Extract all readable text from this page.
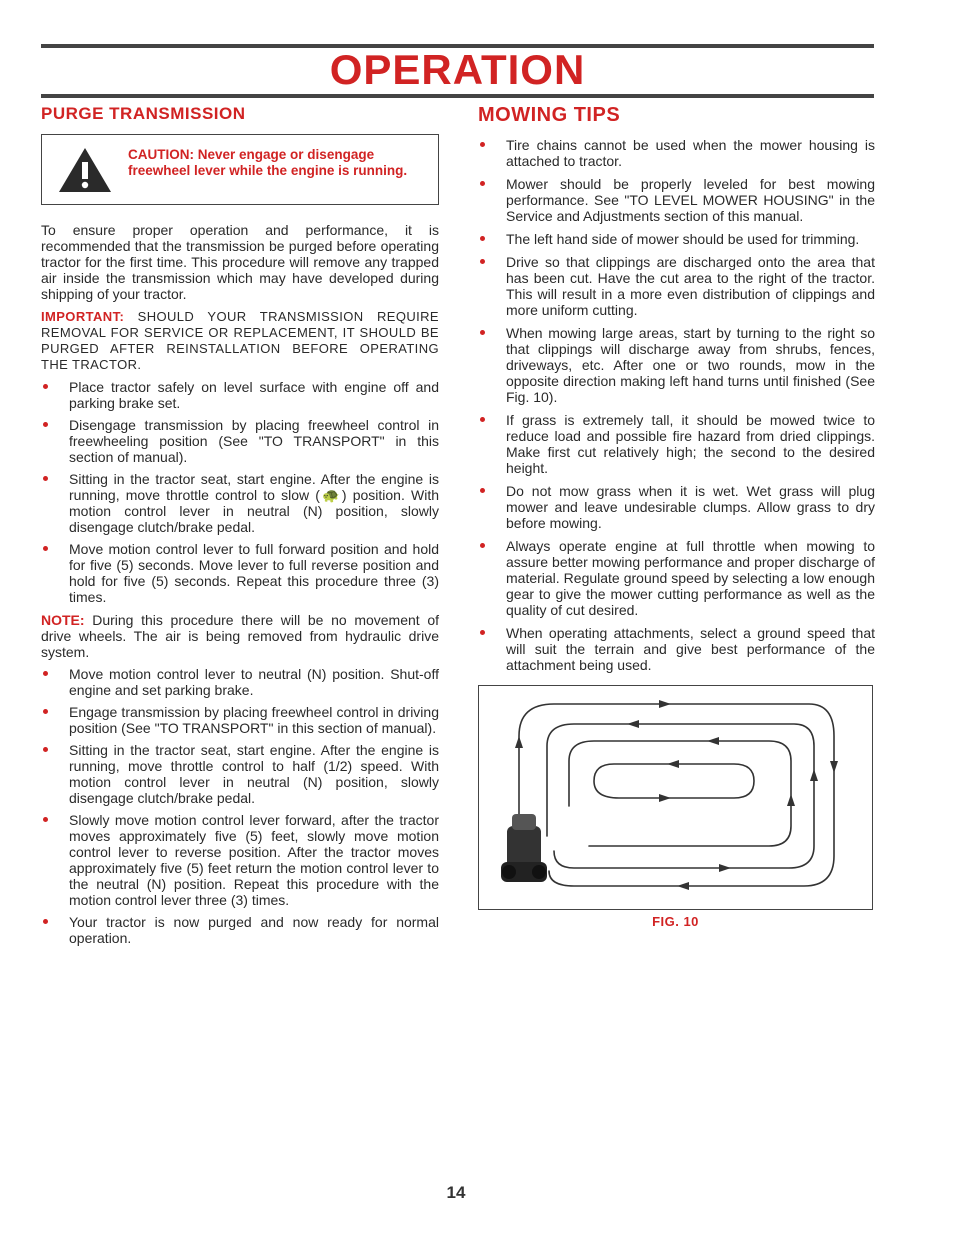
OPERATION
PURGE TRANSMISSION
CAUTION: Never engage or disengage freewheel lever while the engine is running.

To ensure proper operation and performance, it is recommended that the transmission be purged before operating tractor for the first time. This procedure will remove any trapped air inside the transmission which may have developed during shipping of your tractor.

IMPORTANT: SHOULD YOUR TRANSMISSION REQUIRE REMOVAL FOR SERVICE OR REPLACEMENT, IT SHOULD BE PURGED AFTER REINSTALLATION BEFORE OPERATING THE TRACTOR.

Place tractor safely on level surface with engine off and parking brake set.
Disengage transmission by placing freewheel control in freewheeling position (See "TO TRANSPORT" in this section of manual).
Sitting in the tractor seat, start engine. After the engine is running, move throttle control to slow (🐢) position. With motion control lever in neutral (N) position, slowly disengage clutch/brake pedal.
Move motion control lever to full forward position and hold for five (5) seconds. Move lever to full reverse position and hold for five (5) seconds. Repeat this procedure three (3) times.

NOTE: During this procedure there will be no movement of drive wheels. The air is being removed from hydraulic drive system.

Move motion control lever to neutral (N) position. Shut-off engine and set parking brake.
Engage transmission by placing freewheel control in driving position (See "TO TRANSPORT" in this section of manual).
Sitting in the tractor seat, start engine. After the engine is running, move throttle control to half (1/2) speed. With motion control lever in neutral (N) position, slowly disengage clutch/brake pedal.
Slowly move motion control lever forward, after the tractor moves approximately five (5) feet, slowly move motion control lever to reverse position. After the tractor moves approximately five (5) feet return the motion control lever to the neutral (N) position. Repeat this procedure with the motion control lever three (3) times.
Your tractor is now purged and now ready for normal operation.
MOWING TIPS
Tire chains cannot be used when the mower housing is attached to tractor.
Mower should be properly leveled for best mowing performance. See "TO LEVEL MOWER HOUSING" in the Service and Adjustments section of this manual.
The left hand side of mower should be used for trimming.
Drive so that clippings are discharged onto the area that has been cut. Have the cut area to the right of the tractor. This will result in a more even distribution of clippings and more uniform cutting.
When mowing large areas, start by turning to the right so that clippings will discharge away from shrubs, fences, driveways, etc. After one or two rounds, mow in the opposite direction making left hand turns until finished (See Fig. 10).
If grass is extremely tall, it should be mowed twice to reduce load and possible fire hazard from dried clippings. Make first cut relatively high; the second to the desired height.
Do not mow grass when it is wet. Wet grass will plug mower and leave undesirable clumps. Allow grass to dry before mowing.
Always operate engine at full throttle when mowing to assure better mowing performance and proper discharge of material. Regulate ground speed by selecting a low enough gear to give the mower cutting performance as well as the quality of cut desired.
When operating attachments, select a ground speed that will suit the terrain and give best performance of the attachment being used.
FIG. 10
14
